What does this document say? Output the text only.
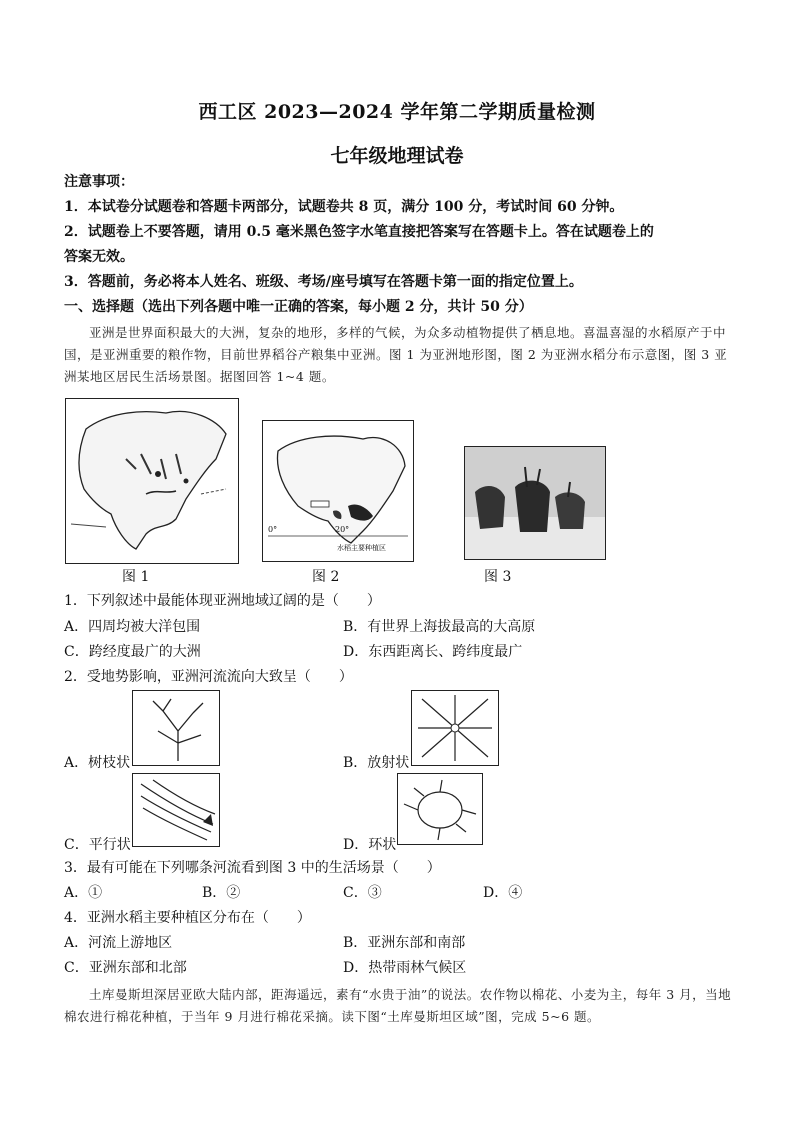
西工区 2023—2024 学年第二学期质量检测
七年级地理试卷
注意事项：
1．本试卷分试题卷和答题卡两部分，试题卷共 8 页，满分 100 分，考试时间 60 分钟。
2．试题卷上不要答题，请用 0.5 毫米黑色签字水笔直接把答案写在答题卡上。答在试题卷上的
答案无效。
3．答题前，务必将本人姓名、班级、考场/座号填写在答题卡第一面的指定位置上。
一、选择题（选出下列各题中唯一正确的答案，每小题 2 分，共计 50 分）
亚洲是世界面积最大的大洲，复杂的地形，多样的气候，为众多动植物提供了栖息地。喜温喜湿的水稻原产于中国，是亚洲重要的粮作物，目前世界稻谷产粮集中亚洲。图 1 为亚洲地形图，图 2 为亚洲水稻分布示意图，图 3 亚洲某地区居民生活场景图。据图回答 1~4 题。
水稻主要种植区
0°	20°
图 1	图 2	图 3
1．下列叙述中最能体现亚洲地域辽阔的是（　　）
A．四周均被大洋包围	B．有世界上海拔最高的大高原
C．跨经度最广的大洲	D．东西距离长、跨纬度最广
2．受地势影响，亚洲河流流向大致呈（　　）
A．树枝状	B．放射状
C．平行状	D．环状
3．最有可能在下列哪条河流看到图 3 中的生活场景（　　）
A．①	B．②	C．③	D．④
4．亚洲水稻主要种植区分布在（　　）
A．河流上游地区	B．亚洲东部和南部
C．亚洲东部和北部	D．热带雨林气候区
土库曼斯坦深居亚欧大陆内部，距海遥远，素有“水贵于油”的说法。农作物以棉花、小麦为主，每年 3 月，当地棉农进行棉花种植，于当年 9 月进行棉花采摘。读下图“土库曼斯坦区域”图，完成 5~6 题。
